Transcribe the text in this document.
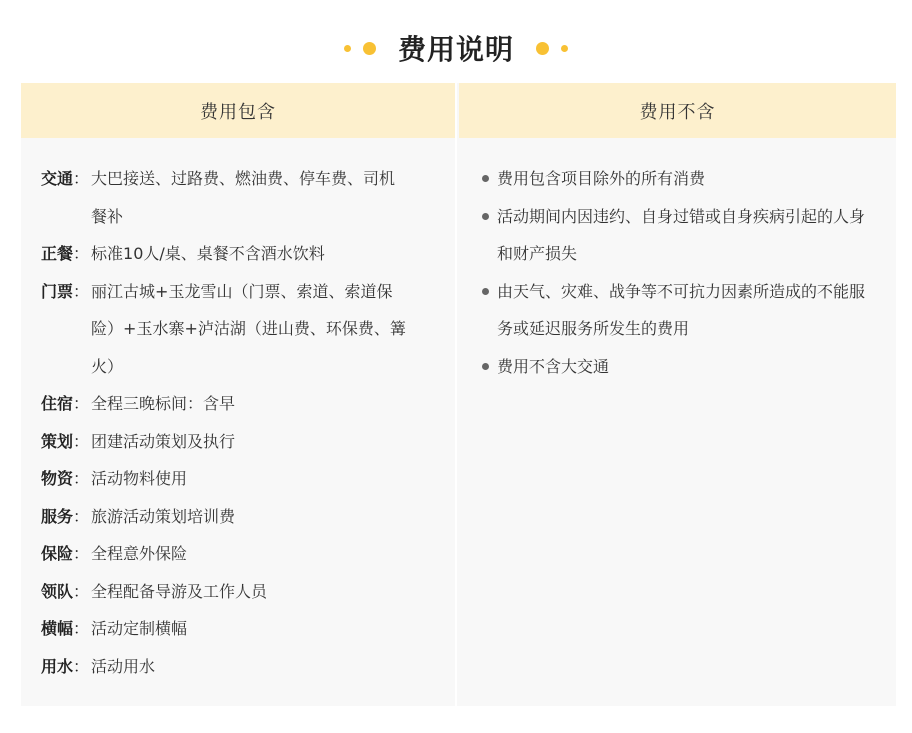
费用说明
费用包含
交通 ： 大巴接送、过路费、燃油费、停车费、司机餐补
正餐 ： 标准10人/桌、桌餐不含酒水饮料
门票 ： 丽江古城+玉龙雪山（门票、索道、索道保险）+玉水寨+泸沽湖（进山费、环保费、篝火）
住宿 ： 全程三晚标间：含早
策划 ： 团建活动策划及执行
物资 ： 活动物料使用
服务 ： 旅游活动策划培训费
保险 ： 全程意外保险
领队 ： 全程配备导游及工作人员
横幅 ： 活动定制横幅
用水 ： 活动用水
费用不含
费用包含项目除外的所有消费
活动期间内因违约、自身过错或自身疾病引起的人身和财产损失
由天气、灾难、战争等不可抗力因素所造成的不能服务或延迟服务所发生的费用
费用不含大交通
